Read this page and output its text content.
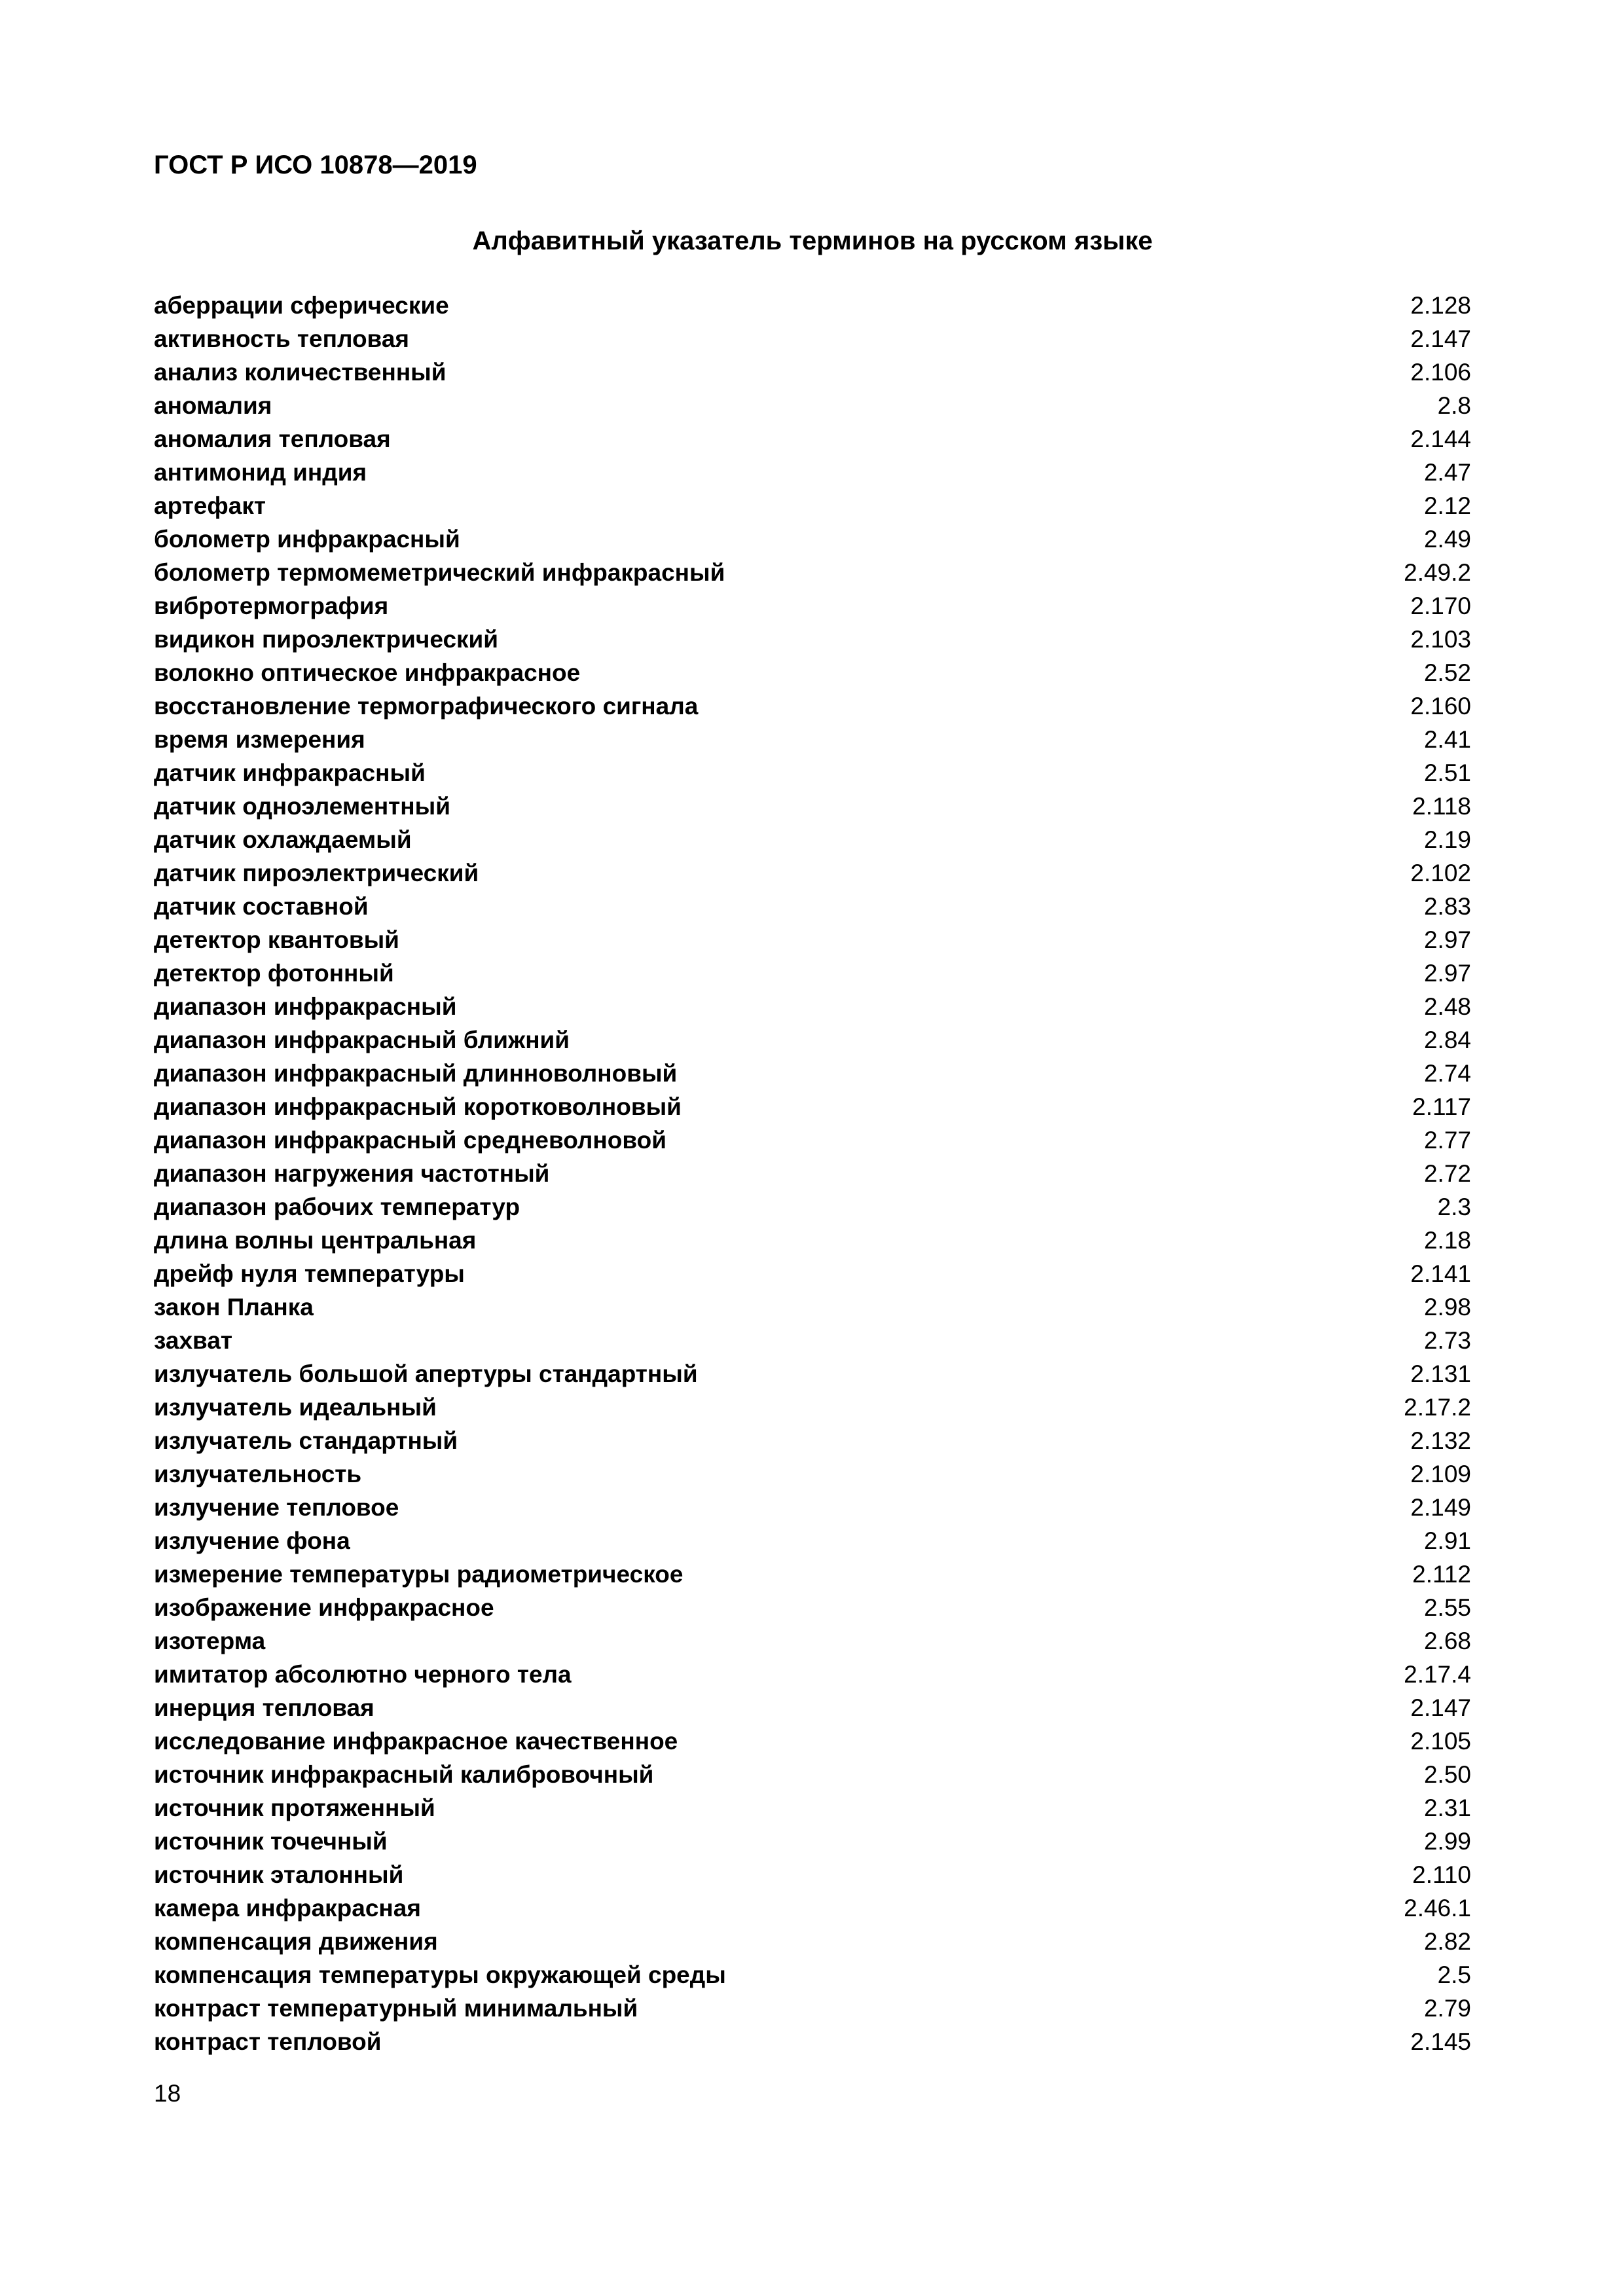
ГОСТ Р ИСО 10878—2019
Алфавитный указатель терминов на русском языке
аберрации сферические	2.128
активность тепловая	2.147
анализ количественный	2.106
аномалия	2.8
аномалия тепловая	2.144
антимонид индия	2.47
артефакт	2.12
болометр инфракрасный	2.49
болометр термомеметрический инфракрасный	2.49.2
вибротермография	2.170
видикон пироэлектрический	2.103
волокно оптическое инфракрасное	2.52
восстановление термографического сигнала	2.160
время измерения	2.41
датчик инфракрасный	2.51
датчик одноэлементный	2.118
датчик охлаждаемый	2.19
датчик пироэлектрический	2.102
датчик составной	2.83
детектор квантовый	2.97
детектор фотонный	2.97
диапазон инфракрасный	2.48
диапазон инфракрасный ближний	2.84
диапазон инфракрасный длинноволновый	2.74
диапазон инфракрасный коротковолновый	2.117
диапазон инфракрасный средневолновой	2.77
диапазон нагружения частотный	2.72
диапазон рабочих температур	2.3
длина волны центральная	2.18
дрейф нуля температуры	2.141
закон Планка	2.98
захват	2.73
излучатель большой апертуры стандартный	2.131
излучатель идеальный	2.17.2
излучатель стандартный	2.132
излучательность	2.109
излучение тепловое	2.149
излучение фона	2.91
измерение температуры радиометрическое	2.112
изображение инфракрасное	2.55
изотерма	2.68
имитатор абсолютно черного тела	2.17.4
инерция тепловая	2.147
исследование инфракрасное качественное	2.105
источник инфракрасный калибровочный	2.50
источник протяженный	2.31
источник точечный	2.99
источник эталонный	2.110
камера инфракрасная	2.46.1
компенсация движения	2.82
компенсация температуры окружающей среды	2.5
контраст температурный минимальный	2.79
контраст тепловой	2.145
18
